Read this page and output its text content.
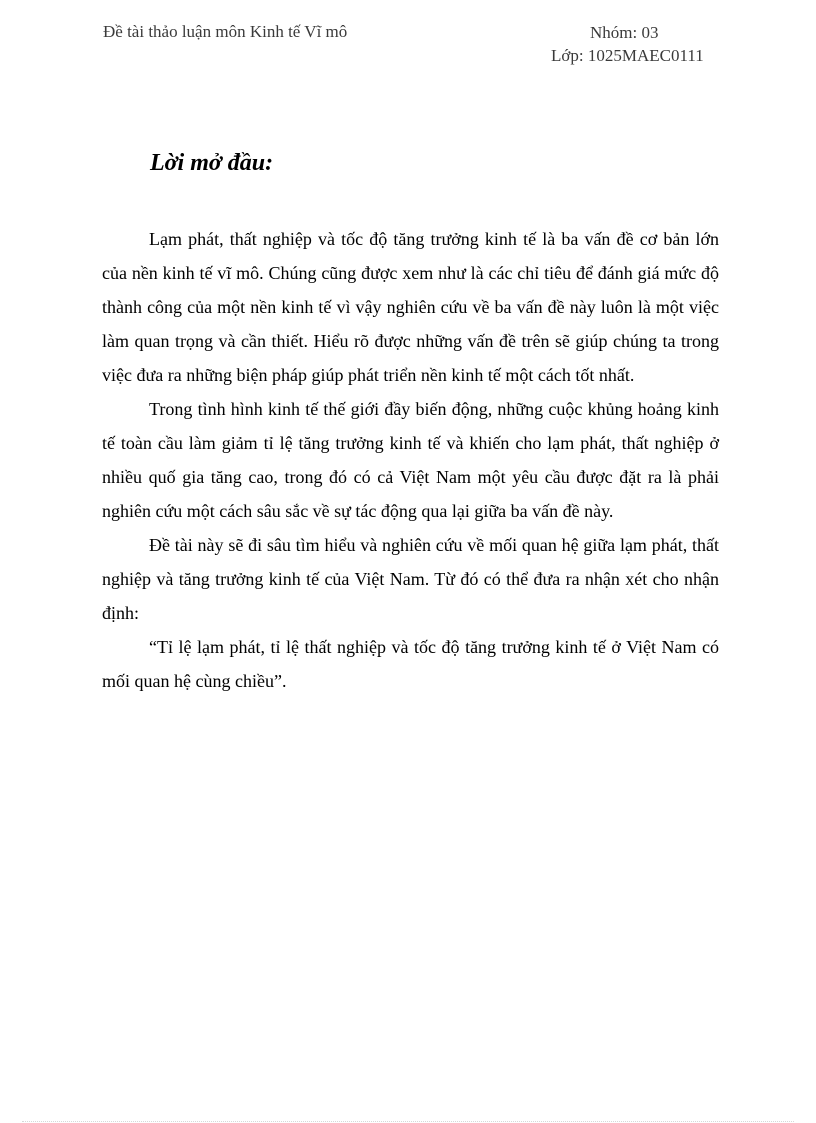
Đề tài thảo luận môn Kinh tế Vĩ mô	Nhóm: 03
Lớp: 1025MAEC0111
Lời mở đầu:

Lạm phát, thất nghiệp và tốc độ tăng trưởng kinh tế là ba vấn đề cơ bản lớn của nền kinh tế vĩ mô. Chúng cũng được xem như là các chỉ tiêu để đánh giá mức độ thành công của một nền kinh tế vì vậy nghiên cứu về ba vấn đề này luôn là một việc làm quan trọng và cần thiết. Hiểu rõ được những vấn đề trên sẽ giúp chúng ta trong việc đưa ra những biện pháp giúp phát triển nền kinh tế một cách tốt nhất.

Trong tình hình kinh tế thế giới đầy biến động, những cuộc khủng hoảng kinh tế toàn cầu làm giảm tỉ lệ tăng trưởng kinh tế và khiến cho lạm phát, thất nghiệp ở nhiều quố gia tăng cao, trong đó có cả Việt Nam một yêu cầu được đặt ra là phải nghiên cứu một cách sâu sắc về sự tác động qua lại giữa ba vấn đề này.

Đề tài này sẽ đi sâu tìm hiểu và nghiên cứu về mối quan hệ giữa lạm phát, thất nghiệp và tăng trưởng kinh tế của Việt Nam. Từ đó có thể đưa ra nhận xét cho nhận định:

“Tỉ lệ lạm phát, tỉ lệ thất nghiệp và tốc độ tăng trưởng kinh tế ở Việt Nam có mối quan hệ cùng chiều”.
